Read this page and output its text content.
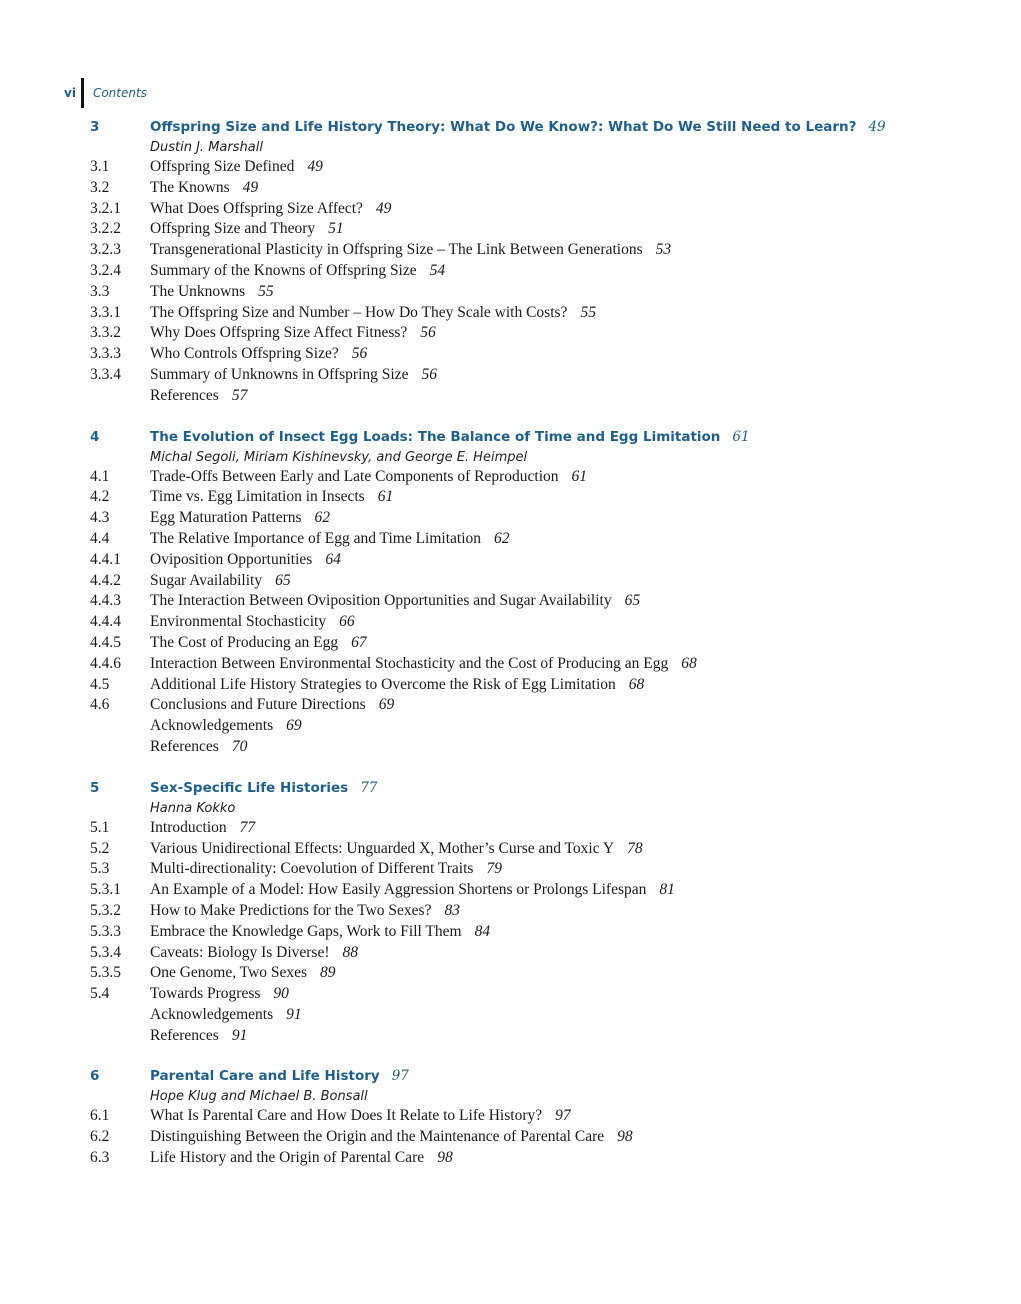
vi	Contents
3	Offspring Size and Life History Theory: What Do We Know?: What Do We Still Need to Learn? 49
Dustin J. Marshall
3.1	Offspring Size Defined 49
3.2	The Knowns 49
3.2.1	What Does Offspring Size Affect? 49
3.2.2	Offspring Size and Theory 51
3.2.3	Transgenerational Plasticity in Offspring Size – The Link Between Generations 53
3.2.4	Summary of the Knowns of Offspring Size 54
3.3	The Unknowns 55
3.3.1	The Offspring Size and Number – How Do They Scale with Costs? 55
3.3.2	Why Does Offspring Size Affect Fitness? 56
3.3.3	Who Controls Offspring Size? 56
3.3.4	Summary of Unknowns in Offspring Size 56
References 57
4	The Evolution of Insect Egg Loads: The Balance of Time and Egg Limitation 61
Michal Segoli, Miriam Kishinevsky, and George E. Heimpel
4.1	Trade-Offs Between Early and Late Components of Reproduction 61
4.2	Time vs. Egg Limitation in Insects 61
4.3	Egg Maturation Patterns 62
4.4	The Relative Importance of Egg and Time Limitation 62
4.4.1	Oviposition Opportunities 64
4.4.2	Sugar Availability 65
4.4.3	The Interaction Between Oviposition Opportunities and Sugar Availability 65
4.4.4	Environmental Stochasticity 66
4.4.5	The Cost of Producing an Egg 67
4.4.6	Interaction Between Environmental Stochasticity and the Cost of Producing an Egg 68
4.5	Additional Life History Strategies to Overcome the Risk of Egg Limitation 68
4.6	Conclusions and Future Directions 69
Acknowledgements 69
References 70
5	Sex-Specific Life Histories 77
Hanna Kokko
5.1	Introduction 77
5.2	Various Unidirectional Effects: Unguarded X, Mother’s Curse and Toxic Y 78
5.3	Multi-directionality: Coevolution of Different Traits 79
5.3.1	An Example of a Model: How Easily Aggression Shortens or Prolongs Lifespan 81
5.3.2	How to Make Predictions for the Two Sexes? 83
5.3.3	Embrace the Knowledge Gaps, Work to Fill Them 84
5.3.4	Caveats: Biology Is Diverse! 88
5.3.5	One Genome, Two Sexes 89
5.4	Towards Progress 90
Acknowledgements 91
References 91
6	Parental Care and Life History 97
Hope Klug and Michael B. Bonsall
6.1	What Is Parental Care and How Does It Relate to Life History? 97
6.2	Distinguishing Between the Origin and the Maintenance of Parental Care 98
6.3	Life History and the Origin of Parental Care 98
